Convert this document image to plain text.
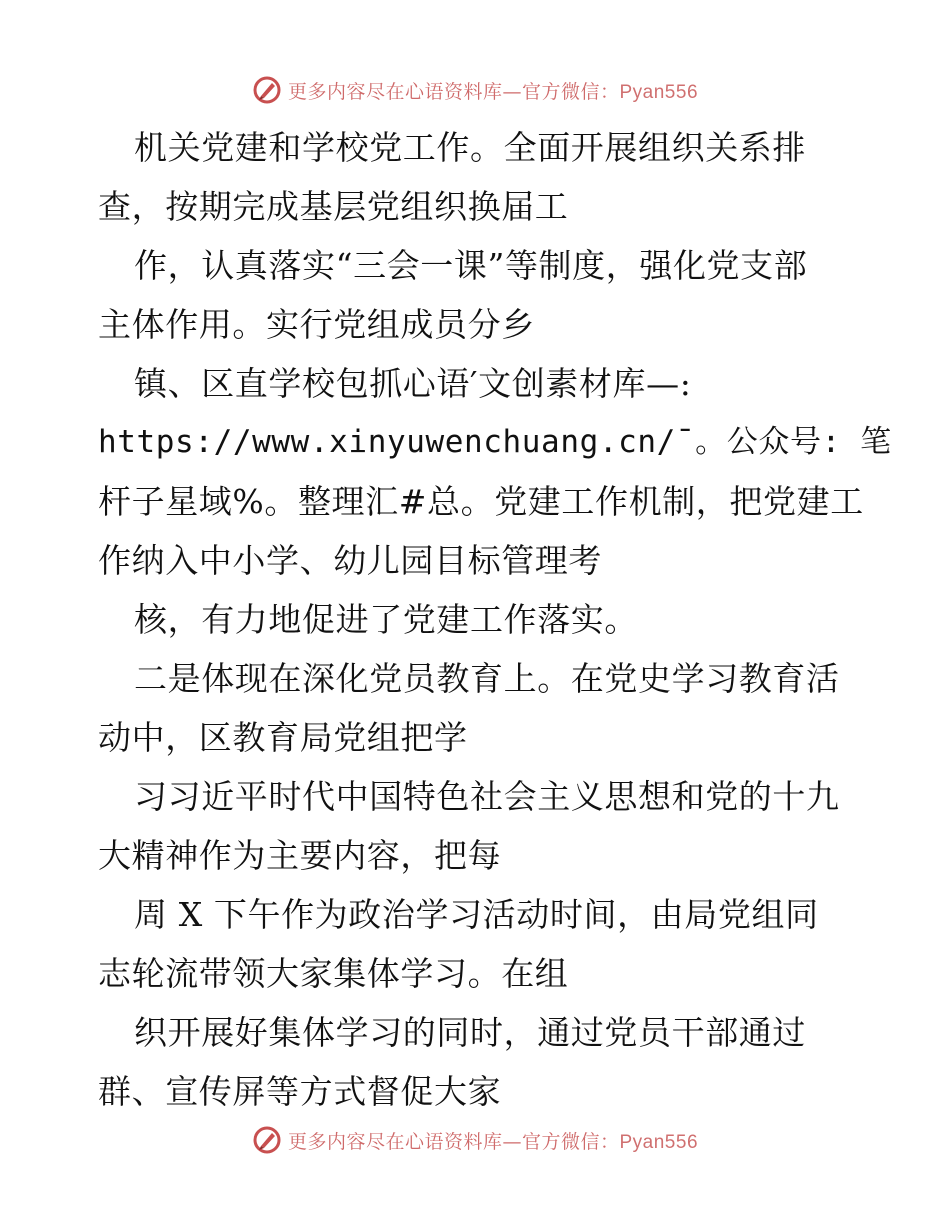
更多内容尽在心语资料库—官方微信：Pyan556
机关党建和学校党工作。全面开展组织关系排
查，按期完成基层党组织换届工
作，认真落实“三会一课”等制度，强化党支部
主体作用。实行党组成员分乡
镇、区直学校包抓心语′文创素材库—:
https://www.xinyuwenchuang.cn/¯。公众号: 笔
杆子星域%。整理汇#总。党建工作机制，把党建工
作纳入中小学、幼儿园目标管理考
核，有力地促进了党建工作落实。
二是体现在深化党员教育上。在党史学习教育活
动中，区教育局党组把学
习习近平时代中国特色社会主义思想和党的十九
大精神作为主要内容，把每
周 X 下午作为政治学习活动时间，由局党组同
志轮流带领大家集体学习。在组
织开展好集体学习的同时，通过党员干部通过
群、宣传屏等方式督促大家
更多内容尽在心语资料库—官方微信：Pyan556
